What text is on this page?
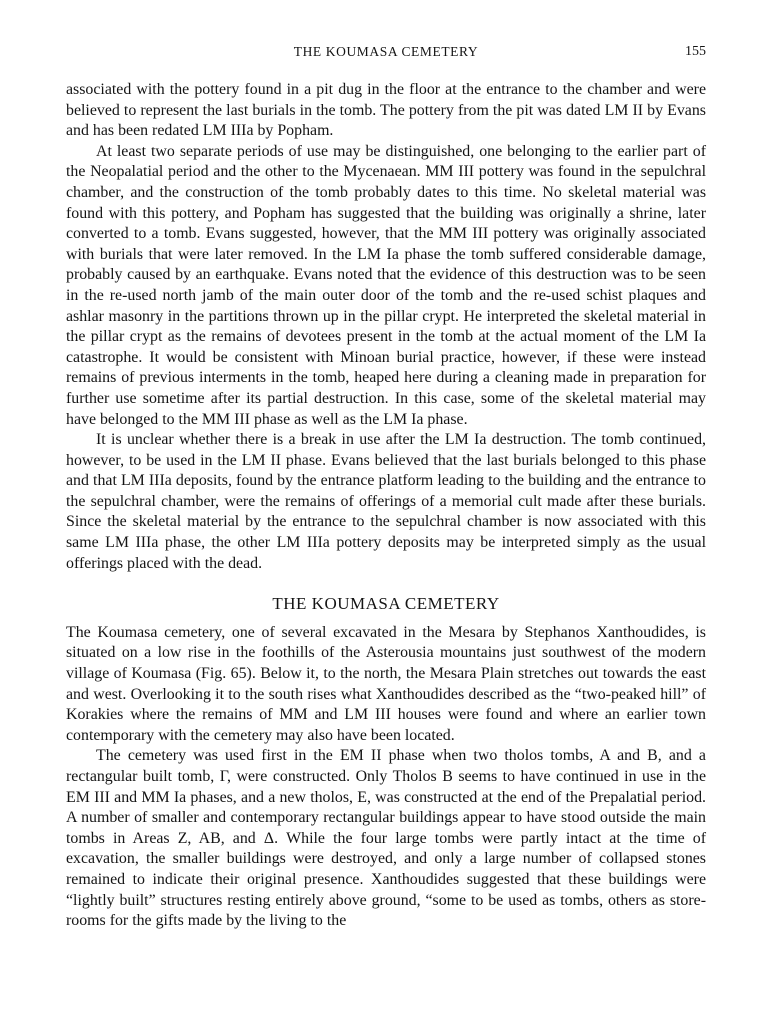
THE KOUMASA CEMETERY	155

associated with the pottery found in a pit dug in the floor at the entrance to the chamber and were believed to represent the last burials in the tomb. The pottery from the pit was dated LM II by Evans and has been redated LM IIIa by Popham.

At least two separate periods of use may be distinguished, one belonging to the earlier part of the Neopalatial period and the other to the Mycenaean. MM III pottery was found in the sepulchral chamber, and the construction of the tomb probably dates to this time. No skeletal material was found with this pottery, and Popham has suggested that the building was originally a shrine, later converted to a tomb. Evans suggested, however, that the MM III pottery was originally associated with burials that were later removed. In the LM Ia phase the tomb suffered considerable damage, probably caused by an earthquake. Evans noted that the evidence of this destruction was to be seen in the re-used north jamb of the main outer door of the tomb and the re-used schist plaques and ashlar masonry in the partitions thrown up in the pillar crypt. He interpreted the skeletal material in the pillar crypt as the remains of devotees present in the tomb at the actual moment of the LM Ia catastrophe. It would be consistent with Minoan burial practice, however, if these were instead remains of previous interments in the tomb, heaped here during a cleaning made in preparation for further use sometime after its partial destruction. In this case, some of the skeletal material may have belonged to the MM III phase as well as the LM Ia phase.

It is unclear whether there is a break in use after the LM Ia destruction. The tomb continued, however, to be used in the LM II phase. Evans believed that the last burials belonged to this phase and that LM IIIa deposits, found by the entrance platform leading to the building and the entrance to the sepulchral chamber, were the remains of offerings of a memorial cult made after these burials. Since the skeletal material by the entrance to the sepulchral chamber is now associated with this same LM IIIa phase, the other LM IIIa pottery deposits may be interpreted simply as the usual offerings placed with the dead.

THE KOUMASA CEMETERY

The Koumasa cemetery, one of several excavated in the Mesara by Stephanos Xanthoudides, is situated on a low rise in the foothills of the Asterousia mountains just southwest of the modern village of Koumasa (Fig. 65). Below it, to the north, the Mesara Plain stretches out towards the east and west. Overlooking it to the south rises what Xanthoudides described as the “two-peaked hill” of Korakies where the remains of MM and LM III houses were found and where an earlier town contemporary with the cemetery may also have been located.

The cemetery was used first in the EM II phase when two tholos tombs, A and B, and a rectangular built tomb, Γ, were constructed. Only Tholos B seems to have continued in use in the EM III and MM Ia phases, and a new tholos, E, was constructed at the end of the Prepalatial period. A number of smaller and contemporary rectangular buildings appear to have stood outside the main tombs in Areas Z, AB, and Δ. While the four large tombs were partly intact at the time of excavation, the smaller buildings were destroyed, and only a large number of collapsed stones remained to indicate their original presence. Xanthoudides suggested that these buildings were “lightly built” structures resting entirely above ground, “some to be used as tombs, others as store-rooms for the gifts made by the living to the
